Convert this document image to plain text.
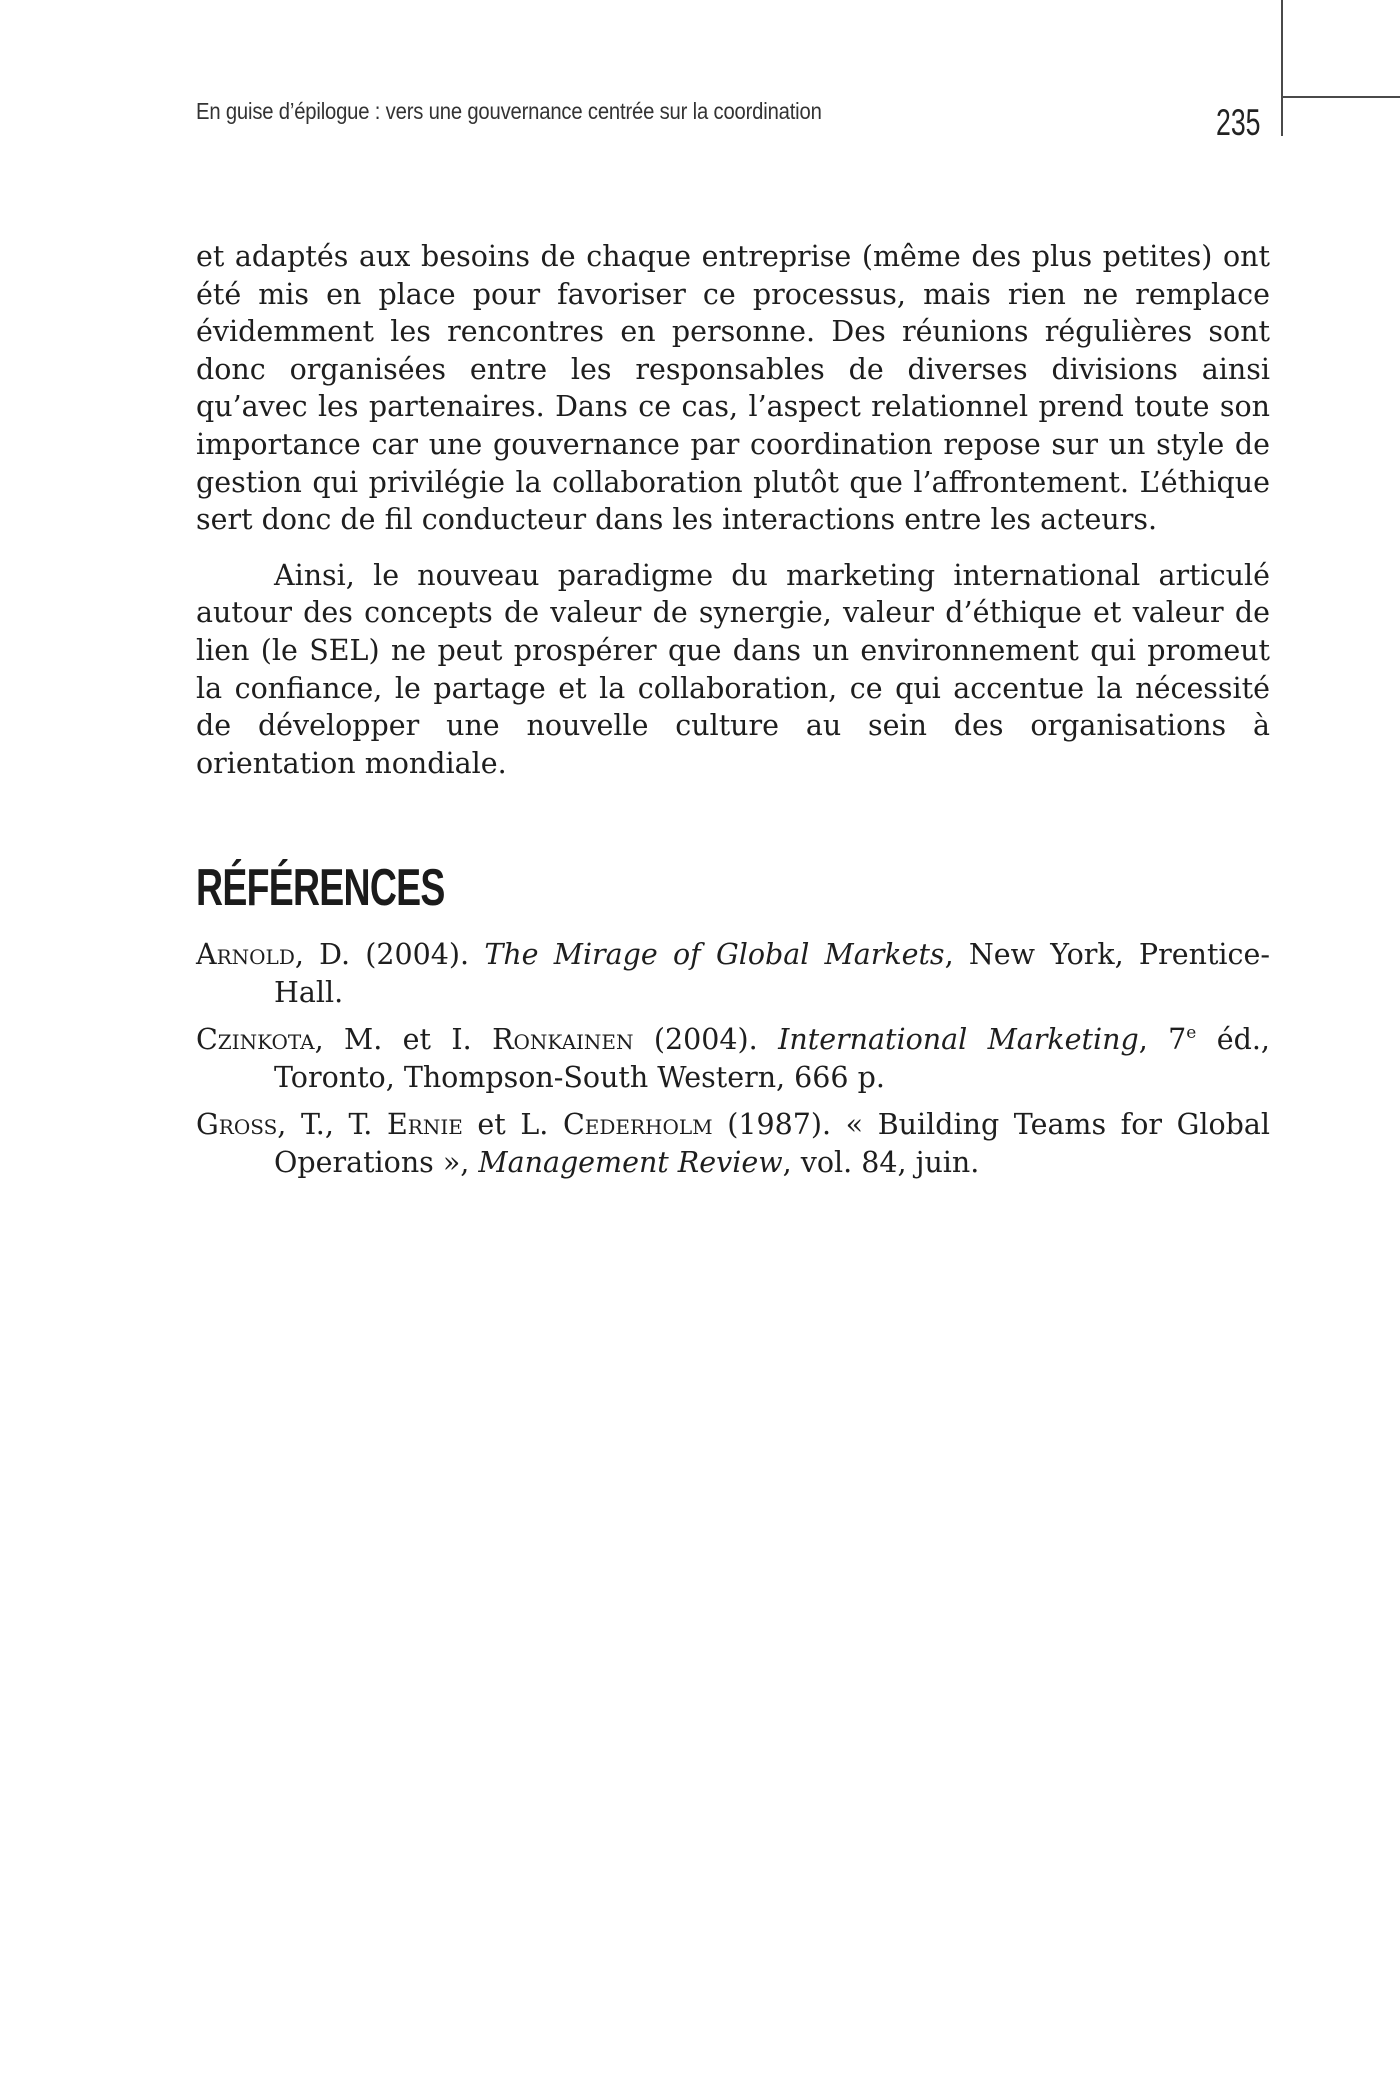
En guise d’épilogue : vers une gouvernance centrée sur la coordination	235

et adaptés aux besoins de chaque entreprise (même des plus petites) ont été mis en place pour favoriser ce processus, mais rien ne remplace évidemment les rencontres en personne. Des réunions régulières sont donc organisées entre les responsables de diverses divisions ainsi qu’avec les partenaires. Dans ce cas, l’aspect relationnel prend toute son importance car une gouvernance par coordination repose sur un style de gestion qui privilégie la collaboration plutôt que l’affrontement. L’éthique sert donc de fil conducteur dans les interactions entre les acteurs.

Ainsi, le nouveau paradigme du marketing international articulé autour des concepts de valeur de synergie, valeur d’éthique et valeur de lien (le SEL) ne peut prospérer que dans un environnement qui promeut la confiance, le partage et la collaboration, ce qui accentue la nécessité de développer une nouvelle culture au sein des organisations à orientation mondiale.

RÉFÉRENCES

Arnold, D. (2004). The Mirage of Global Markets, New York, Prentice-Hall.

Czinkota, M. et I. Ronkainen (2004). International Marketing, 7e éd., Toronto, Thompson-South Western, 666 p.

Gross, T., T. Ernie et L. Cederholm (1987). « Building Teams for Global Operations », Management Review, vol. 84, juin.
